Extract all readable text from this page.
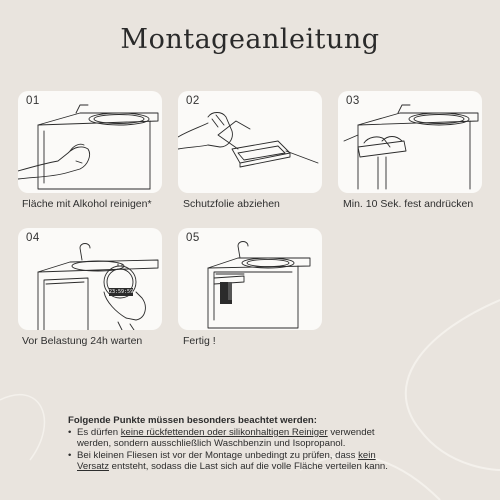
Montageanleitung
01
Fläche mit Alkohol reinigen*
02
Schutzfolie abziehen
03
Min. 10 Sek. fest andrücken
04
23:59:59
Vor Belastung 24h warten
05
Fertig !
Folgende Punkte müssen besonders beachtet werden:
• Es dürfen keine rückfettenden oder silikonhaltigen Reiniger verwendet werden, sondern ausschließlich Waschbenzin und Isopropanol.
• Bei kleinen Fliesen ist vor der Montage unbedingt zu prüfen, dass kein Versatz entsteht, sodass die Last sich auf die volle Fläche verteilen kann.
